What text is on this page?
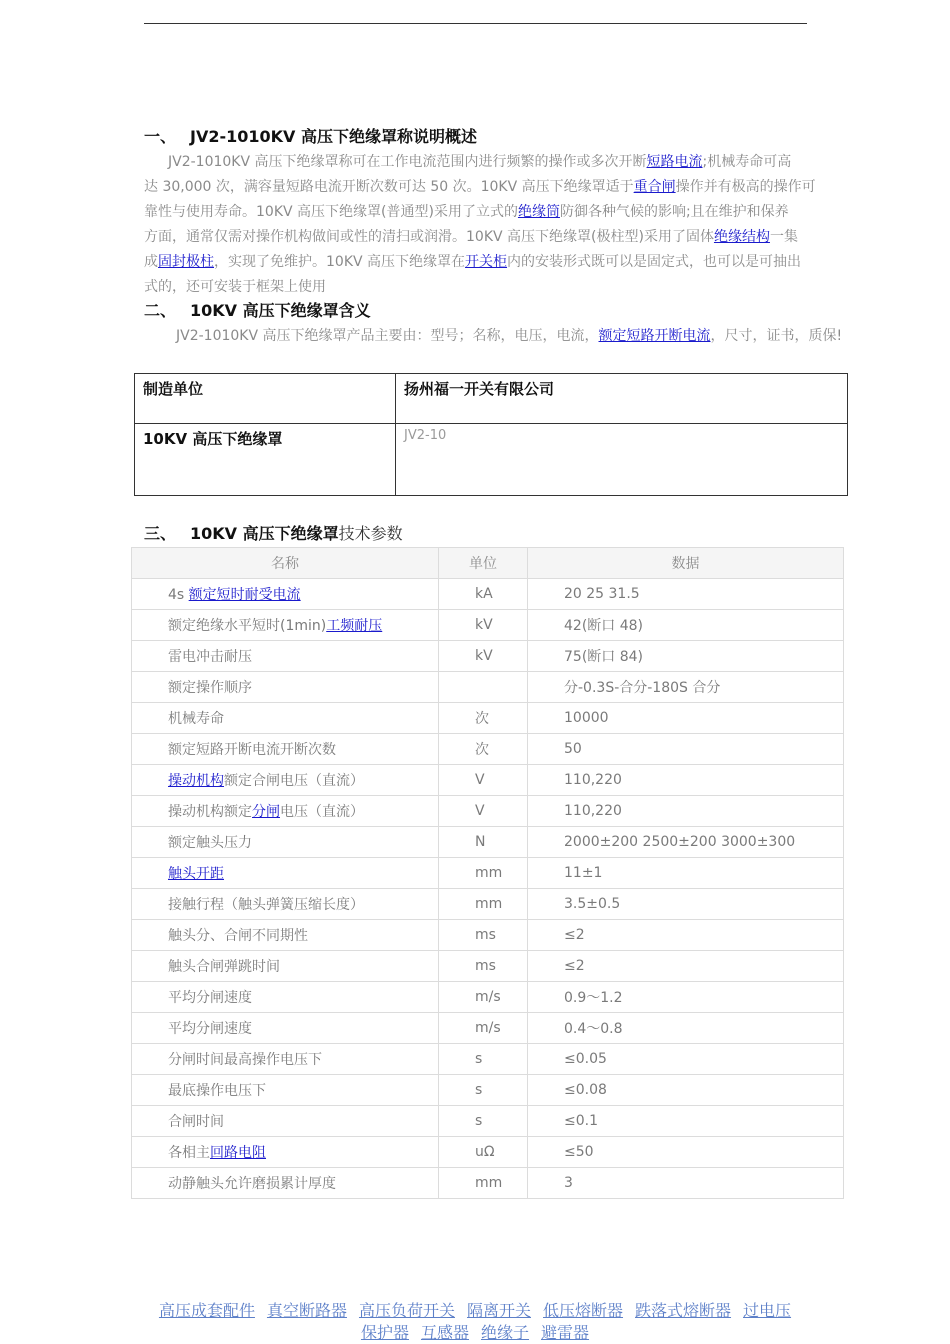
一、 JV2-1010KV 高压下绝缘罩称说明概述
JV2-1010KV 高压下绝缘罩称可在工作电流范围内进行频繁的操作或多次开断短路电流;机械寿命可高
达 30,000 次，满容量短路电流开断次数可达 50 次。10KV 高压下绝缘罩适于重合闸操作并有极高的操作可
靠性与使用寿命。10KV 高压下绝缘罩(普通型)采用了立式的绝缘筒防御各种气候的影响;且在维护和保养
方面，通常仅需对操作机构做间或性的清扫或润滑。10KV 高压下绝缘罩(极柱型)采用了固体绝缘结构一集
成固封极柱，实现了免维护。10KV 高压下绝缘罩在开关柜内的安装形式既可以是固定式，也可以是可抽出
式的，还可安装于框架上使用
二、 10KV 高压下绝缘罩含义
JV2-1010KV 高压下绝缘罩产品主要由：型号；名称，电压，电流，额定短路开断电流，尺寸，证书，质保!
制造单位	扬州福一开关有限公司
10KV 高压下绝缘罩	JV2-10
三、 10KV 高压下绝缘罩技术参数
名称	单位	数据
4s 额定短时耐受电流	kA	20 25 31.5
额定绝缘水平短时(1min)工频耐压	kV	42(断口 48)
雷电冲击耐压	kV	75(断口 84)
额定操作顺序		分-0.3S-合分-180S 合分
机械寿命	次	10000
额定短路开断电流开断次数	次	50
操动机构额定合闸电压（直流）	V	110,220
操动机构额定分闸电压（直流）	V	110,220
额定触头压力	N	2000±200 2500±200 3000±300
触头开距	mm	11±1
接触行程（触头弹簧压缩长度）	mm	3.5±0.5
触头分、合闸不同期性	ms	≤2
触头合闸弹跳时间	ms	≤2
平均分闸速度	m/s	0.9～1.2
平均分闸速度	m/s	0.4～0.8
分闸时间最高操作电压下	s	≤0.05
最底操作电压下	s	≤0.08
合闸时间	s	≤0.1
各相主回路电阻	uΩ	≤50
动静触头允许磨损累计厚度	mm	3
高压成套配件 真空断路器 高压负荷开关 隔离开关 低压熔断器 跌落式熔断器 过电压
保护器 互感器 绝缘子 避雷器
